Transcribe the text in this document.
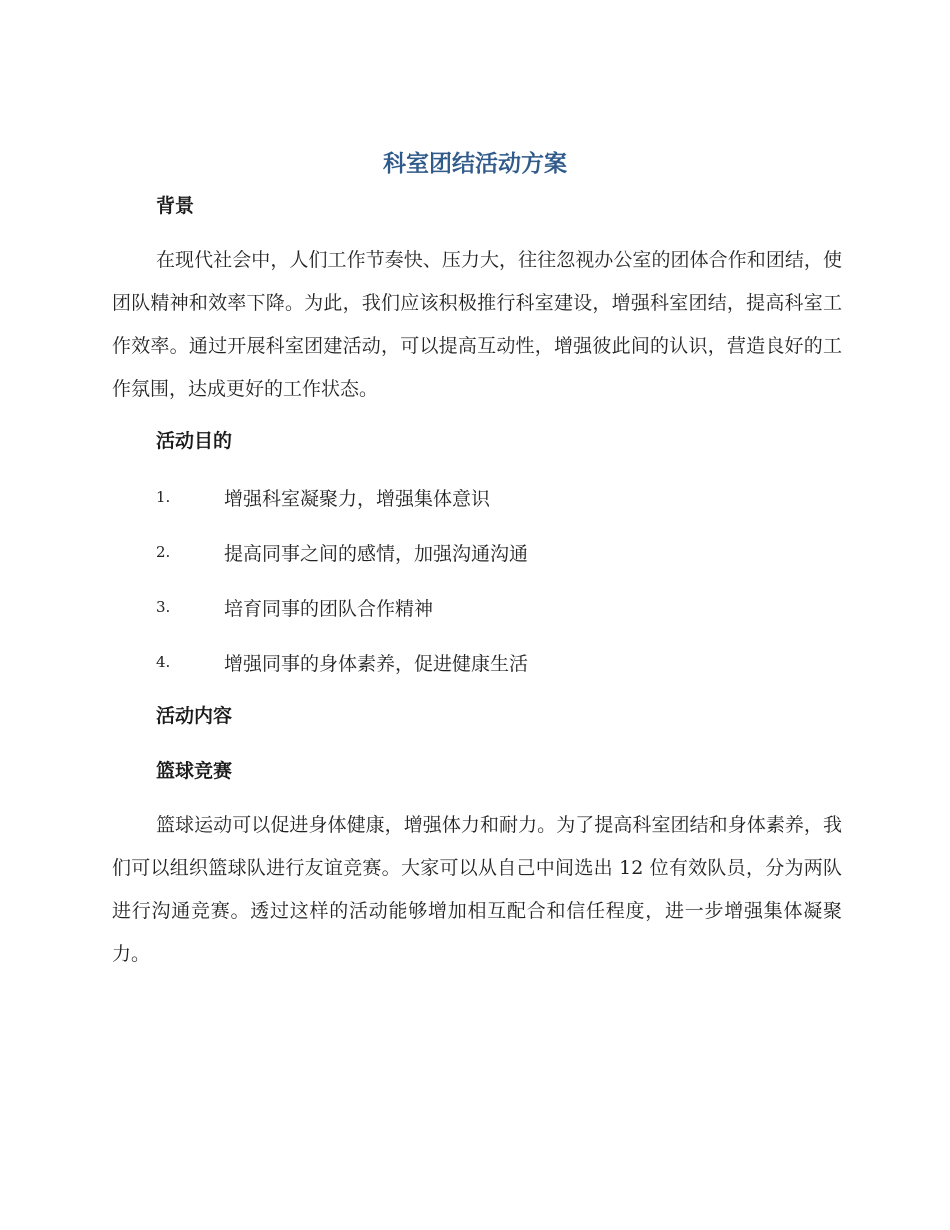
科室团结活动方案
背景

在现代社会中，人们工作节奏快、压力大，往往忽视办公室的团体合作和团结，使团队精神和效率下降。为此，我们应该积极推行科室建设，增强科室团结，提高科室工作效率。通过开展科室团建活动，可以提高互动性，增强彼此间的认识，营造良好的工作氛围，达成更好的工作状态。

活动目的
1.	增强科室凝聚力，增强集体意识
2.	提高同事之间的感情，加强沟通沟通
3.	培育同事的团队合作精神
4.	增强同事的身体素养，促进健康生活
活动内容
篮球竞赛

篮球运动可以促进身体健康，增强体力和耐力。为了提高科室团结和身体素养，我们可以组织篮球队进行友谊竞赛。大家可以从自己中间选出 12 位有效队员，分为两队进行沟通竞赛。透过这样的活动能够增加相互配合和信任程度，进一步增强集体凝聚力。
